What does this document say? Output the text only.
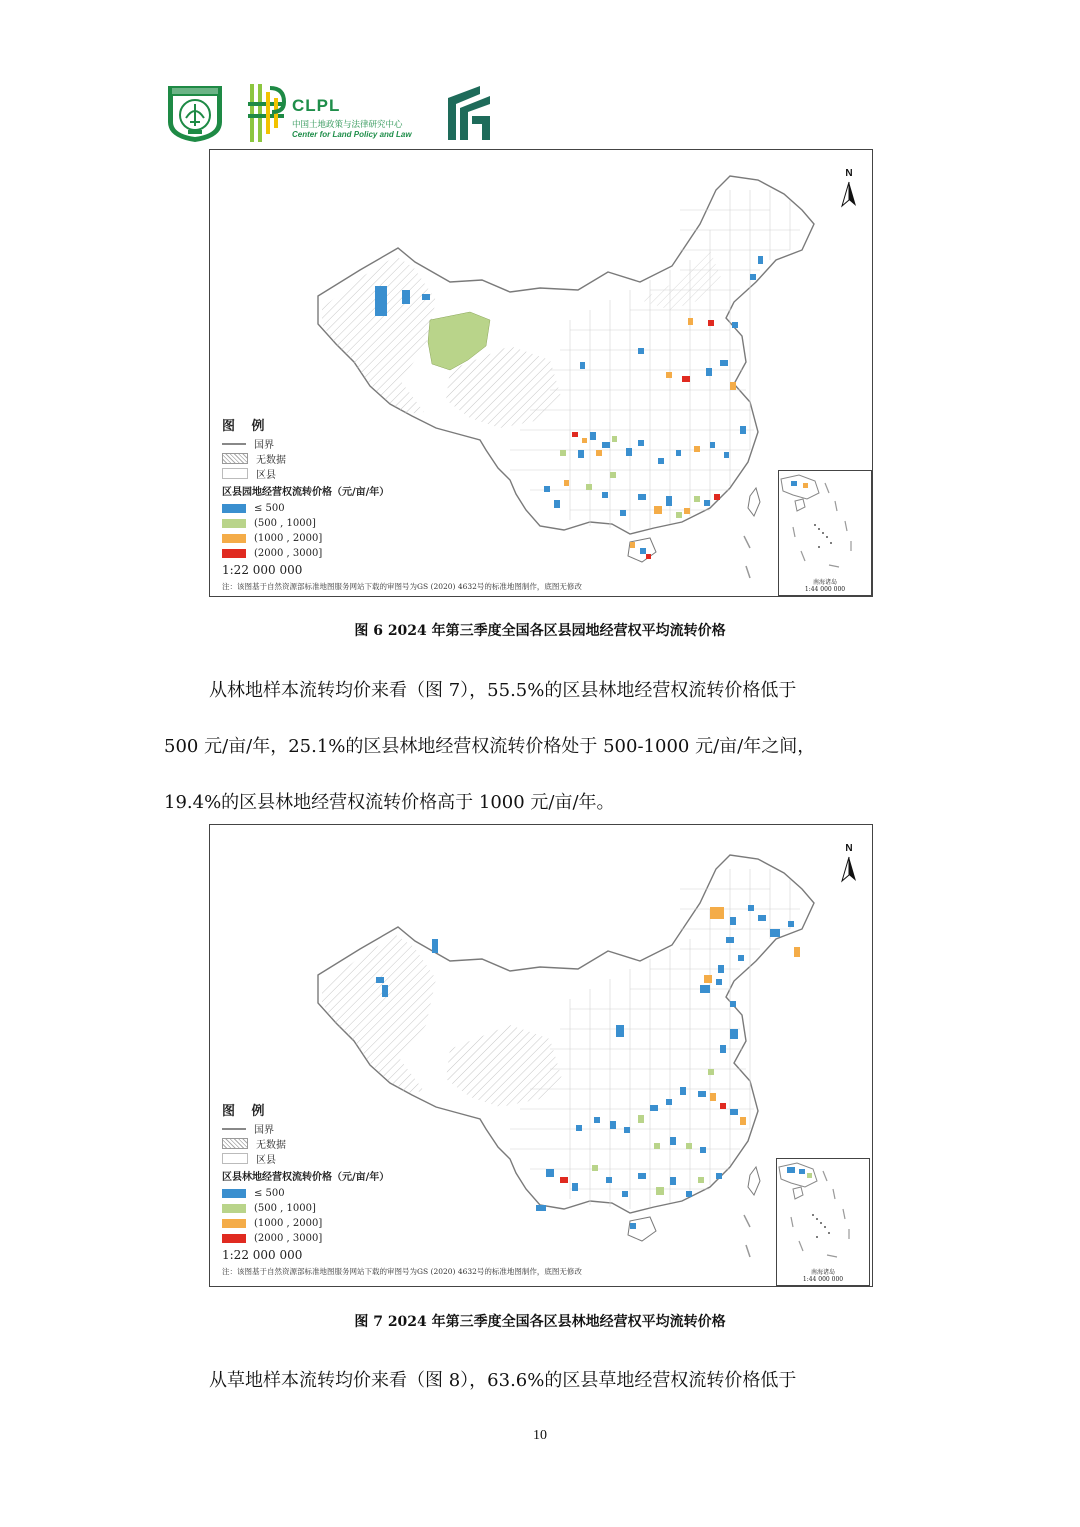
CLPL
中国土地政策与法律研究中心
Center for Land Policy and Law
N
图 例
国界
无数据
区县
区县园地经营权流转价格（元/亩/年）
≤ 500
(500 , 1000]
(1000 , 2000]
(2000 , 3000]
1:22 000 000
注：该图基于自然资源部标准地图服务网站下载的审图号为GS (2020) 4632号的标准地图制作，底图无修改	南海诸岛
1:44 000 000
图 6 2024 年第三季度全国各区县园地经营权平均流转价格
从林地样本流转均价来看（图 7），55.5%的区县林地经营权流转价格低于
500 元/亩/年，25.1%的区县林地经营权流转价格处于 500-1000 元/亩/年之间，
19.4%的区县林地经营权流转价格高于 1000 元/亩/年。
N
图 例
国界
无数据
区县
区县林地经营权流转价格（元/亩/年）
≤ 500
(500 , 1000]
(1000 , 2000]
(2000 , 3000]
1:22 000 000
注：该图基于自然资源部标准地图服务网站下载的审图号为GS (2020) 4632号的标准地图制作，底图无修改	南海诸岛
1:44 000 000
图 7 2024 年第三季度全国各区县林地经营权平均流转价格
从草地样本流转均价来看（图 8），63.6%的区县草地经营权流转价格低于
10
